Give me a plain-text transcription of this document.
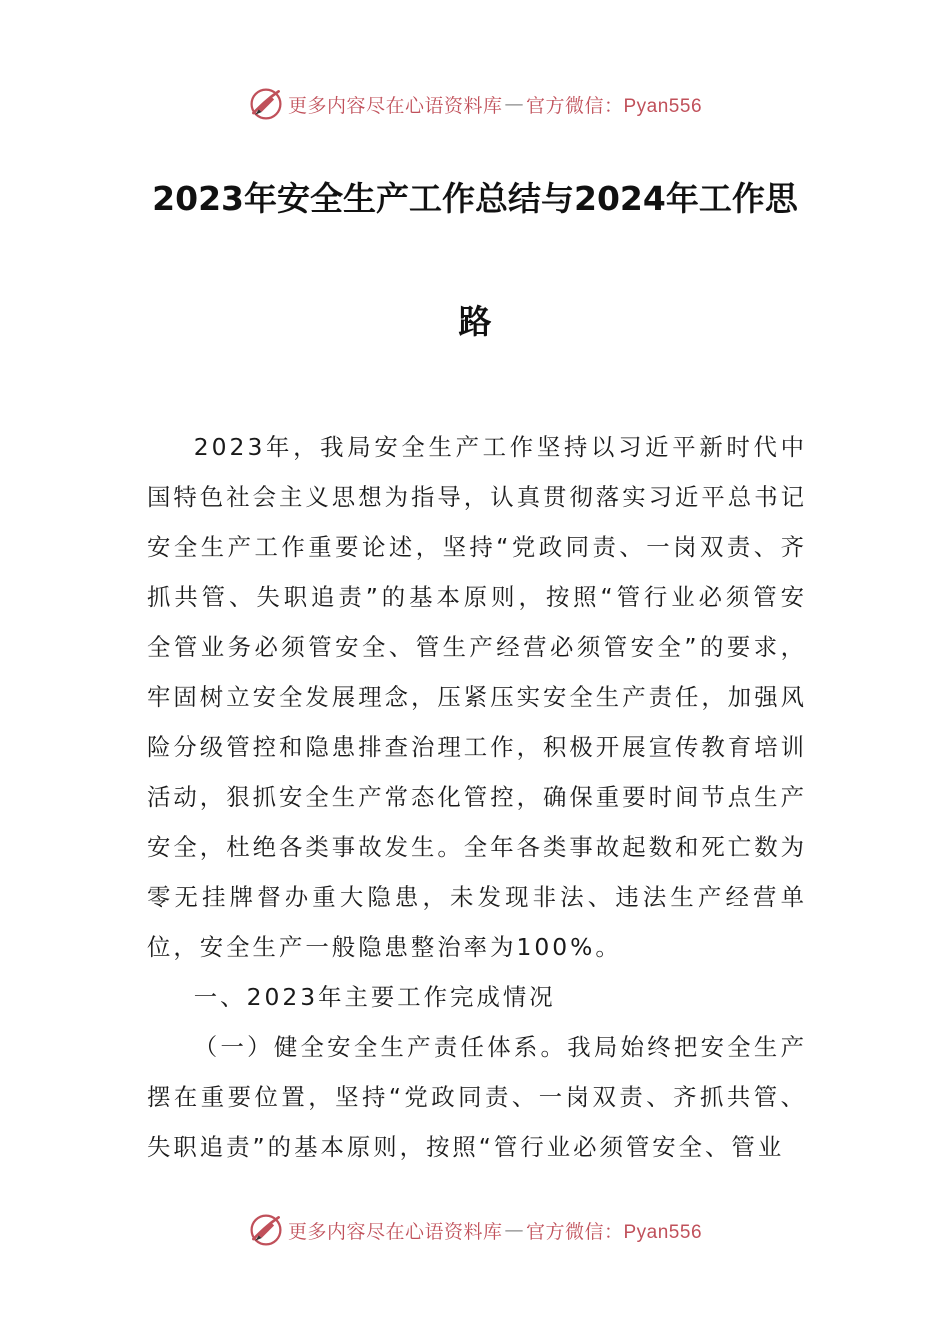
更多内容尽在心语资料库 — 官方微信：Pyan556
2023年安全生产工作总结与2024年工作思
路

2023年，我局安全生产工作坚持以习近平新时代中国特色社会主义思想为指导，认真贯彻落实习近平总书记安全生产工作重要论述，坚持“党政同责、一岗双责、齐抓共管、失职追责”的基本原则，按照“管行业必须管安全管业务必须管安全、管生产经营必须管安全”的要求，牢固树立安全发展理念，压紧压实安全生产责任，加强风险分级管控和隐患排查治理工作，积极开展宣传教育培训活动，狠抓安全生产常态化管控，确保重要时间节点生产安全，杜绝各类事故发生。全年各类事故起数和死亡数为零无挂牌督办重大隐患，未发现非法、违法生产经营单位，安全生产一般隐患整治率为100%。

一、2023年主要工作完成情况

（一）健全安全生产责任体系。我局始终把安全生产摆在重要位置，坚持“党政同责、一岗双责、齐抓共管、失职追责”的基本原则，按照“管行业必须管安全、管业

更多内容尽在心语资料库 — 官方微信：Pyan556
